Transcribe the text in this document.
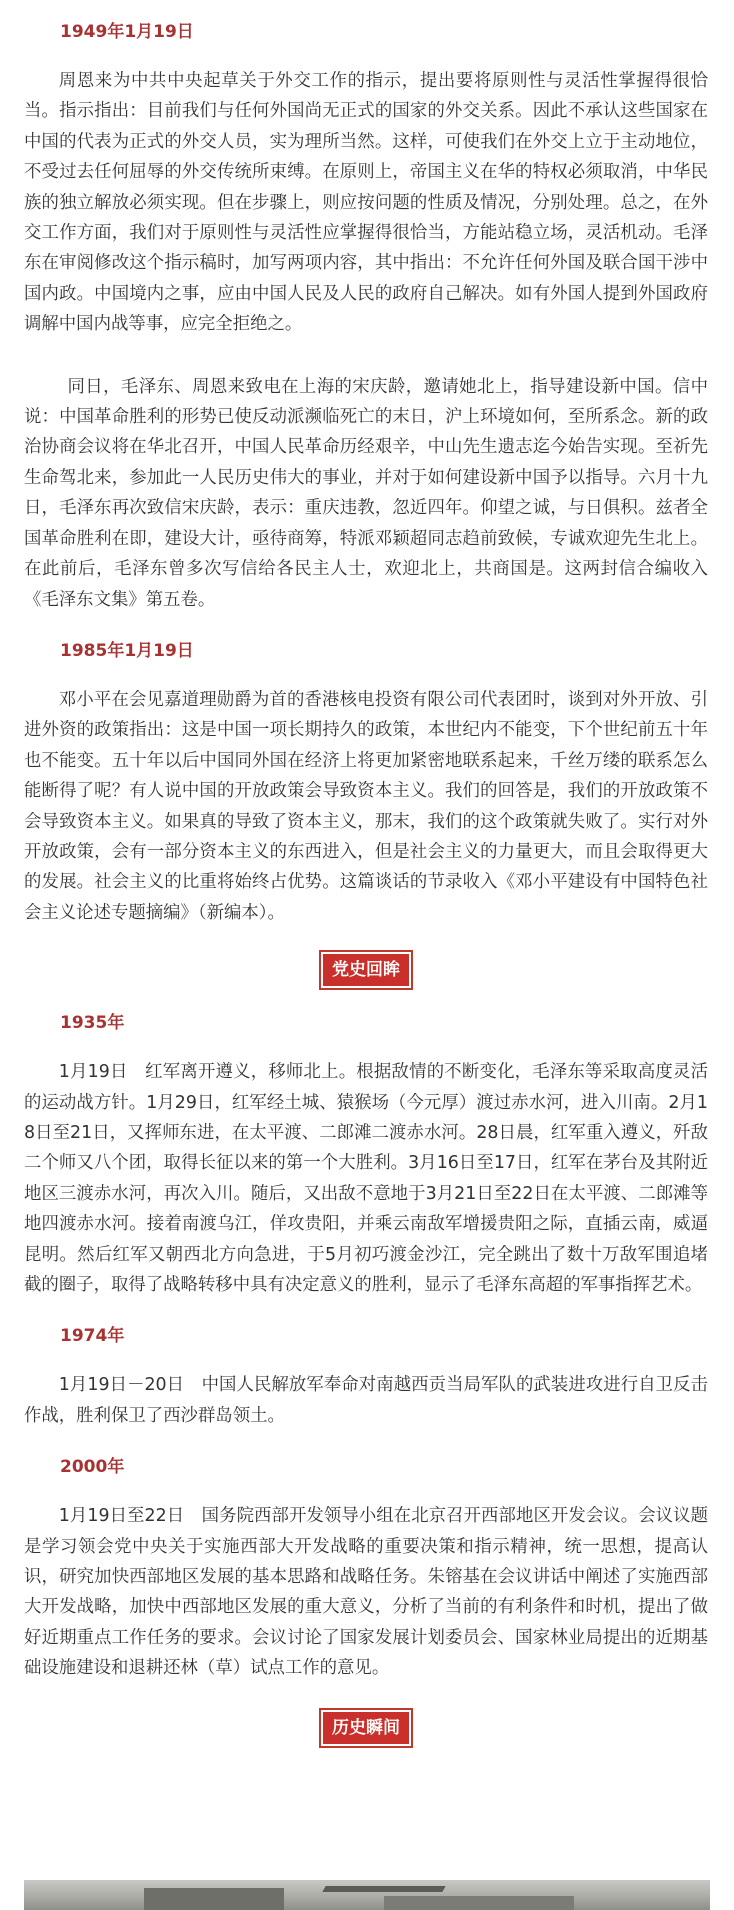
1949年1月19日

周恩来为中共中央起草关于外交工作的指示，提出要将原则性与灵活性掌握得很恰当。指示指出：目前我们与任何外国尚无正式的国家的外交关系。因此不承认这些国家在中国的代表为正式的外交人员，实为理所当然。这样，可使我们在外交上立于主动地位，不受过去任何屈辱的外交传统所束缚。在原则上，帝国主义在华的特权必须取消，中华民族的独立解放必须实现。但在步骤上，则应按问题的性质及情况，分别处理。总之，在外交工作方面，我们对于原则性与灵活性应掌握得很恰当，方能站稳立场，灵活机动。毛泽东在审阅修改这个指示稿时，加写两项内容，其中指出：不允许任何外国及联合国干涉中国内政。中国境内之事，应由中国人民及人民的政府自己解决。如有外国人提到外国政府调解中国内战等事，应完全拒绝之。

同日，毛泽东、周恩来致电在上海的宋庆龄，邀请她北上，指导建设新中国。信中说：中国革命胜利的形势已使反动派濒临死亡的末日，沪上环境如何，至所系念。新的政治协商会议将在华北召开，中国人民革命历经艰辛，中山先生遗志迄今始告实现。至祈先生命驾北来，参加此一人民历史伟大的事业，并对于如何建设新中国予以指导。六月十九日，毛泽东再次致信宋庆龄，表示：重庆违教，忽近四年。仰望之诚，与日俱积。兹者全国革命胜利在即，建设大计，亟待商筹，特派邓颖超同志趋前致候，专诚欢迎先生北上。在此前后，毛泽东曾多次写信给各民主人士，欢迎北上，共商国是。这两封信合编收入《毛泽东文集》第五卷。

1985年1月19日

邓小平在会见嘉道理勋爵为首的香港核电投资有限公司代表团时，谈到对外开放、引进外资的政策指出：这是中国一项长期持久的政策，本世纪内不能变，下个世纪前五十年也不能变。五十年以后中国同外国在经济上将更加紧密地联系起来，千丝万缕的联系怎么能断得了呢？有人说中国的开放政策会导致资本主义。我们的回答是，我们的开放政策不会导致资本主义。如果真的导致了资本主义，那末，我们的这个政策就失败了。实行对外开放政策，会有一部分资本主义的东西进入，但是社会主义的力量更大，而且会取得更大的发展。社会主义的比重将始终占优势。这篇谈话的节录收入《邓小平建设有中国特色社会主义论述专题摘编》（新编本）。

党史回眸

1935年

1月19日　红军离开遵义，移师北上。根据敌情的不断变化，毛泽东等采取高度灵活的运动战方针。1月29日，红军经土城、猿猴场（今元厚）渡过赤水河，进入川南。2月18日至21日，又挥师东进，在太平渡、二郎滩二渡赤水河。28日晨，红军重入遵义，歼敌二个师又八个团，取得长征以来的第一个大胜利。3月16日至17日，红军在茅台及其附近地区三渡赤水河，再次入川。随后，又出敌不意地于3月21日至22日在太平渡、二郎滩等地四渡赤水河。接着南渡乌江，佯攻贵阳，并乘云南敌军增援贵阳之际，直插云南，威逼昆明。然后红军又朝西北方向急进，于5月初巧渡金沙江，完全跳出了数十万敌军围追堵截的圈子，取得了战略转移中具有决定意义的胜利，显示了毛泽东高超的军事指挥艺术。

1974年

1月19日－20日　中国人民解放军奉命对南越西贡当局军队的武装进攻进行自卫反击作战，胜利保卫了西沙群岛领土。

2000年

1月19日至22日　国务院西部开发领导小组在北京召开西部地区开发会议。会议议题是学习领会党中央关于实施西部大开发战略的重要决策和指示精神，统一思想，提高认识，研究加快西部地区发展的基本思路和战略任务。朱镕基在会议讲话中阐述了实施西部大开发战略，加快中西部地区发展的重大意义，分析了当前的有利条件和时机，提出了做好近期重点工作任务的要求。会议讨论了国家发展计划委员会、国家林业局提出的近期基础设施建设和退耕还林（草）试点工作的意见。

历史瞬间
